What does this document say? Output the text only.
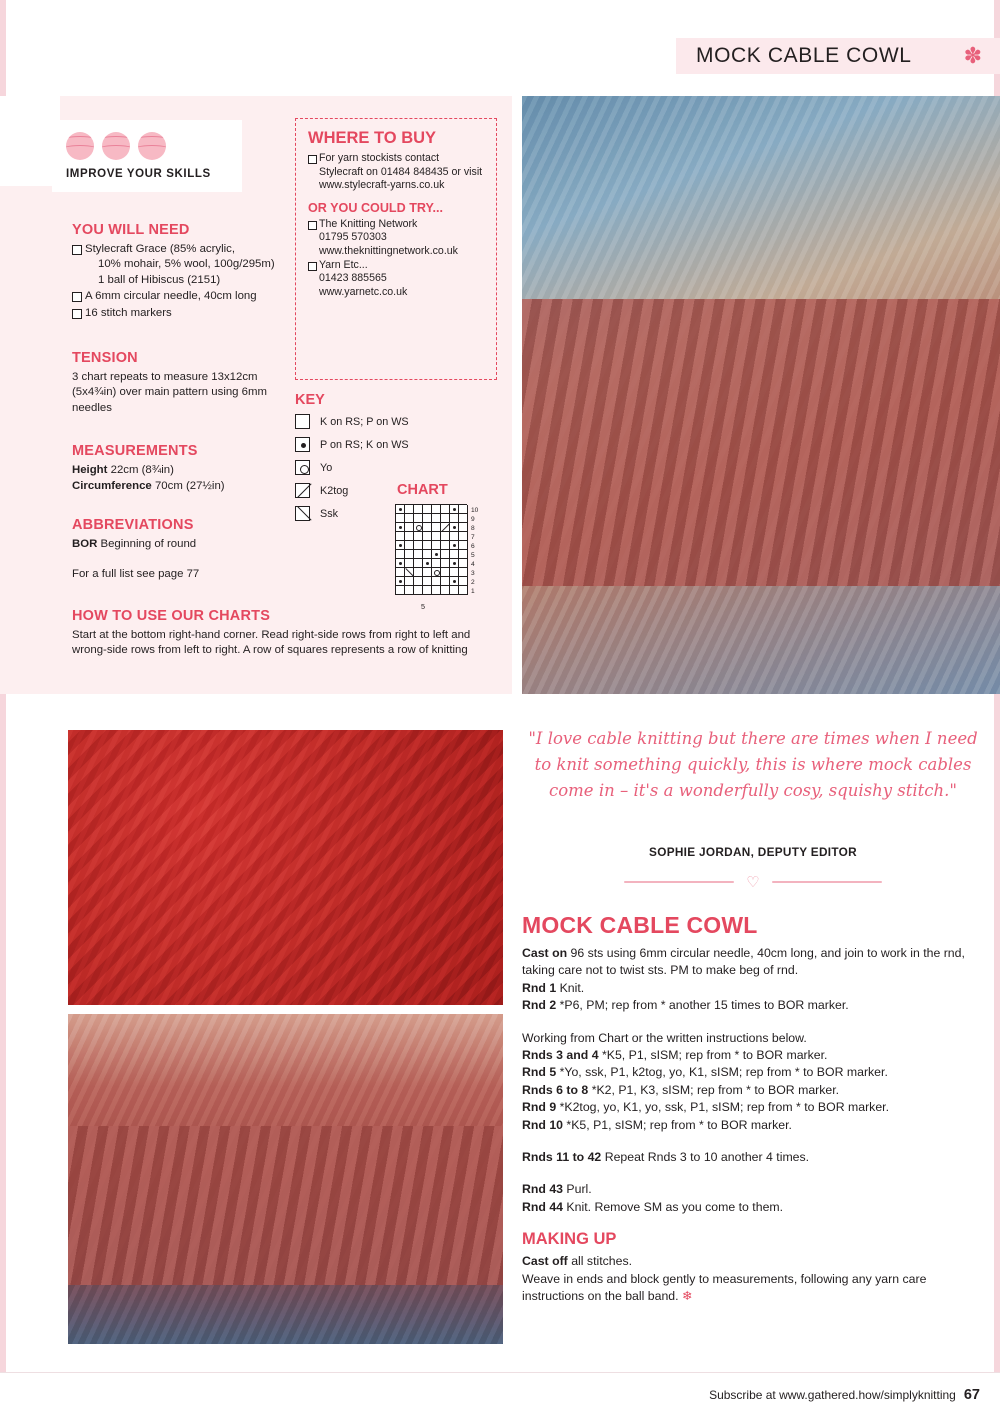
MOCK CABLE COWL ✽
IMPROVE YOUR SKILLS
YOU WILL NEED
Stylecraft Grace (85% acrylic,
10% mohair, 5% wool, 100g/295m)
1 ball of Hibiscus (2151)
A 6mm circular needle, 40cm long
16 stitch markers
TENSION

3 chart repeats to measure 13x12cm (5x4¾in) over main pattern using 6mm needles

MEASUREMENTS
Height 22cm (8¾in)
Circumference 70cm (27½in)
ABBREVIATIONS
BOR Beginning of round

For a full list see page 77

HOW TO USE OUR CHARTS

Start at the bottom right-hand corner. Read right-side rows from right to left and wrong-side rows from left to right. A row of squares represents a row of knitting

WHERE TO BUY
For yarn stockists contact Stylecraft on 01484 848435 or visit www.stylecraft-yarns.co.uk
OR YOU COULD TRY...
The Knitting Network
01795 570303
www.theknittingnetwork.co.uk
Yarn Etc...
01423 885565
www.yarnetc.co.uk
KEY
K on RS; P on WS
P on RS; K on WS
Yo
K2tog
Ssk
CHART
10
9
8
7
6
5
4
3
2
1
5
"I love cable knitting but there are times when I need to knit something quickly, this is where mock cables come in – it's a wonderfully cosy, squishy stitch."
SOPHIE JORDAN, DEPUTY EDITOR
♡
MOCK CABLE COWL

Cast on 96 sts using 6mm circular needle, 40cm long, and join to work in the rnd, taking care not to twist sts. PM to make beg of rnd.

Rnd 1 Knit.

Rnd 2 *P6, PM; rep from * another 15 times to BOR marker.

Working from Chart or the written instructions below.

Rnds 3 and 4 *K5, P1, sISM; rep from * to BOR marker.

Rnd 5 *Yo, ssk, P1, k2tog, yo, K1, sISM; rep from * to BOR marker.

Rnds 6 to 8 *K2, P1, K3, sISM; rep from * to BOR marker.

Rnd 9 *K2tog, yo, K1, yo, ssk, P1, sISM; rep from * to BOR marker.

Rnd 10 *K5, P1, sISM; rep from * to BOR marker.

Rnds 11 to 42 Repeat Rnds 3 to 10 another 4 times.

Rnd 43 Purl.

Rnd 44 Knit. Remove SM as you come to them.

MAKING UP

Cast off all stitches.

Weave in ends and block gently to measurements, following any yarn care instructions on the ball band. ❄

Subscribe at www.gathered.how/simplyknitting 67
